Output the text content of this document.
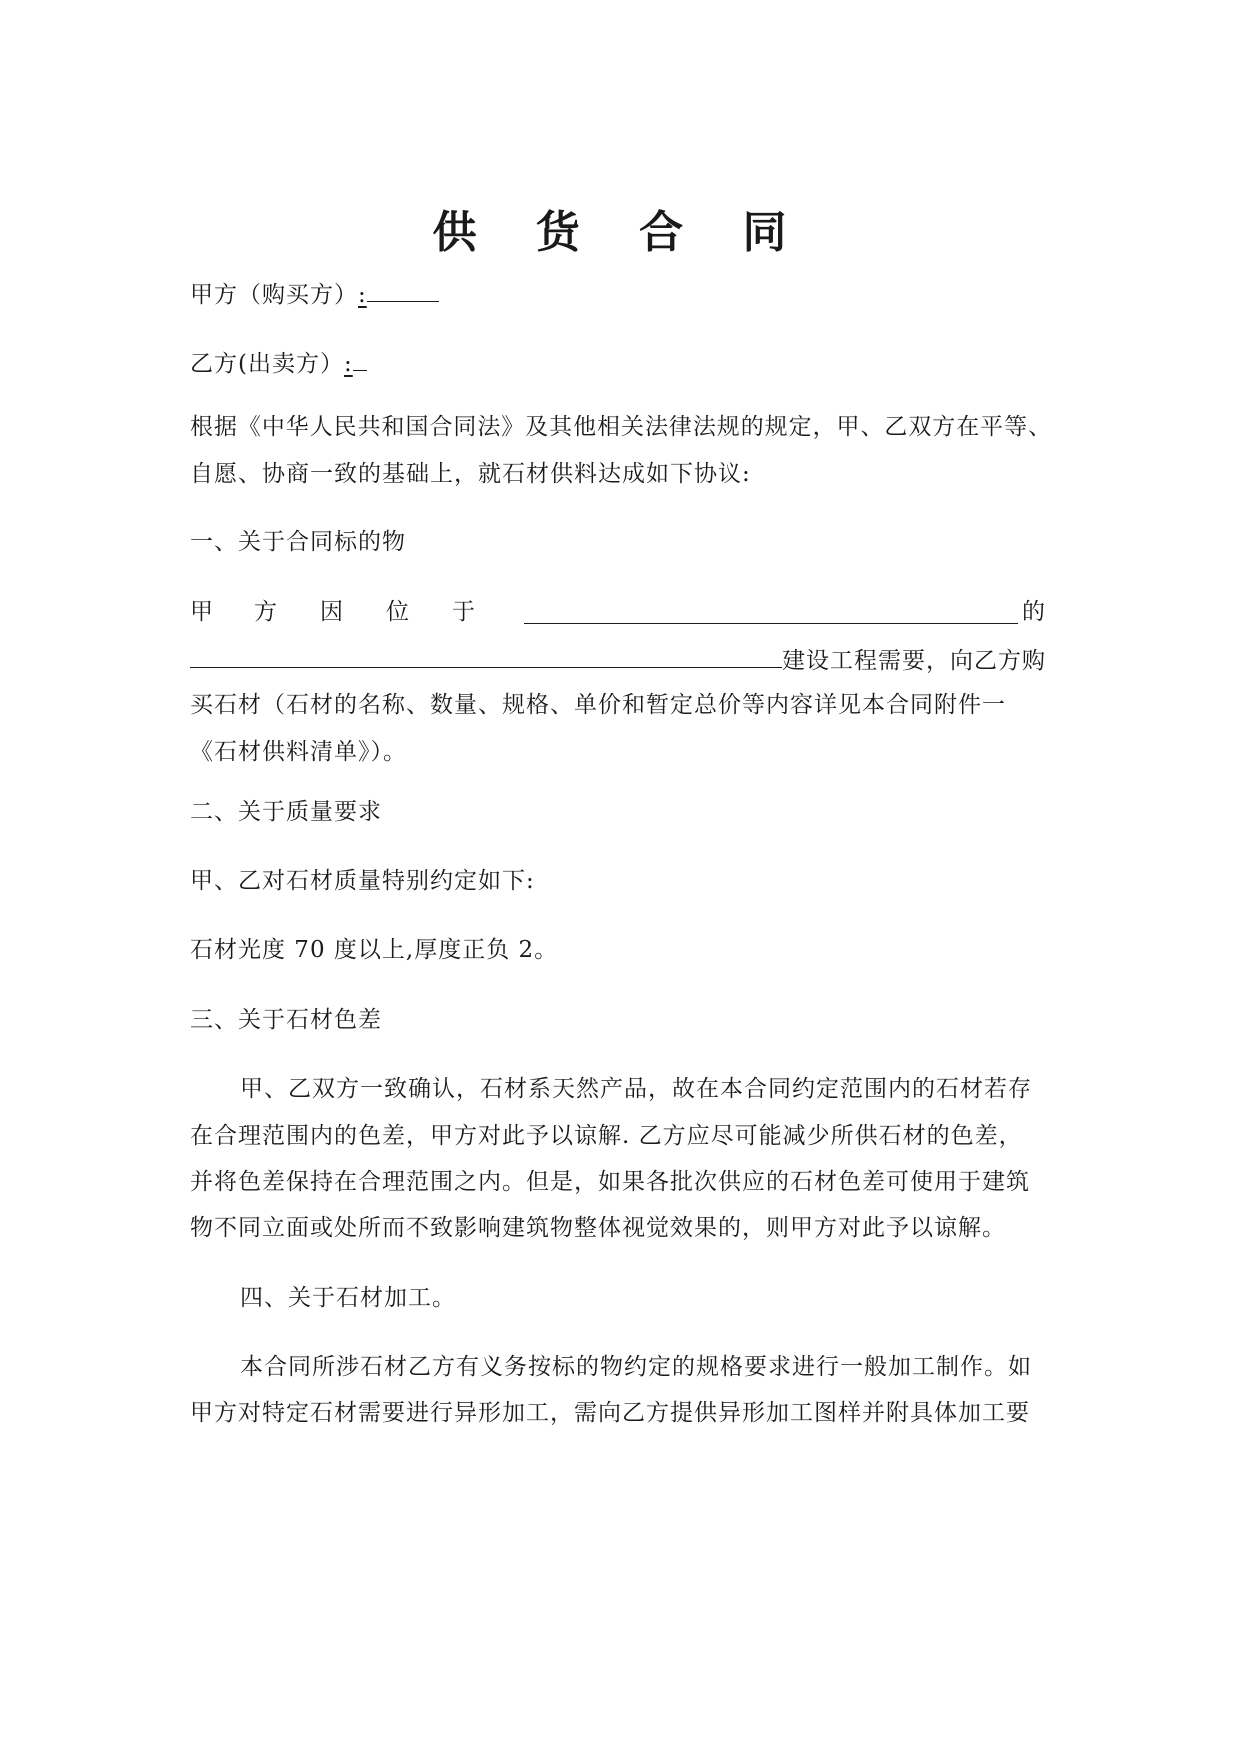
供 货 合 同
甲方（购买方）:
乙方(出卖方）:
根据《中华人民共和国合同法》及其他相关法律法规的规定，甲、乙双方在平等、
自愿、协商一致的基础上，就石材供料达成如下协议:
一、关于合同标的物
甲 方 因 位 于	的
建设工程需要，向乙方购
买石材（石材的名称、数量、规格、单价和暂定总价等内容详见本合同附件一
《石材供料清单》）。
二、关于质量要求
甲、乙对石材质量特别约定如下:
石材光度 70 度以上,厚度正负 2。
三、关于石材色差
甲、乙双方一致确认，石材系天然产品，故在本合同约定范围内的石材若存
在合理范围内的色差，甲方对此予以谅解. 乙方应尽可能减少所供石材的色差，
并将色差保持在合理范围之内。但是，如果各批次供应的石材色差可使用于建筑
物不同立面或处所而不致影响建筑物整体视觉效果的，则甲方对此予以谅解。
四、关于石材加工。
本合同所涉石材乙方有义务按标的物约定的规格要求进行一般加工制作。如
甲方对特定石材需要进行异形加工，需向乙方提供异形加工图样并附具体加工要
